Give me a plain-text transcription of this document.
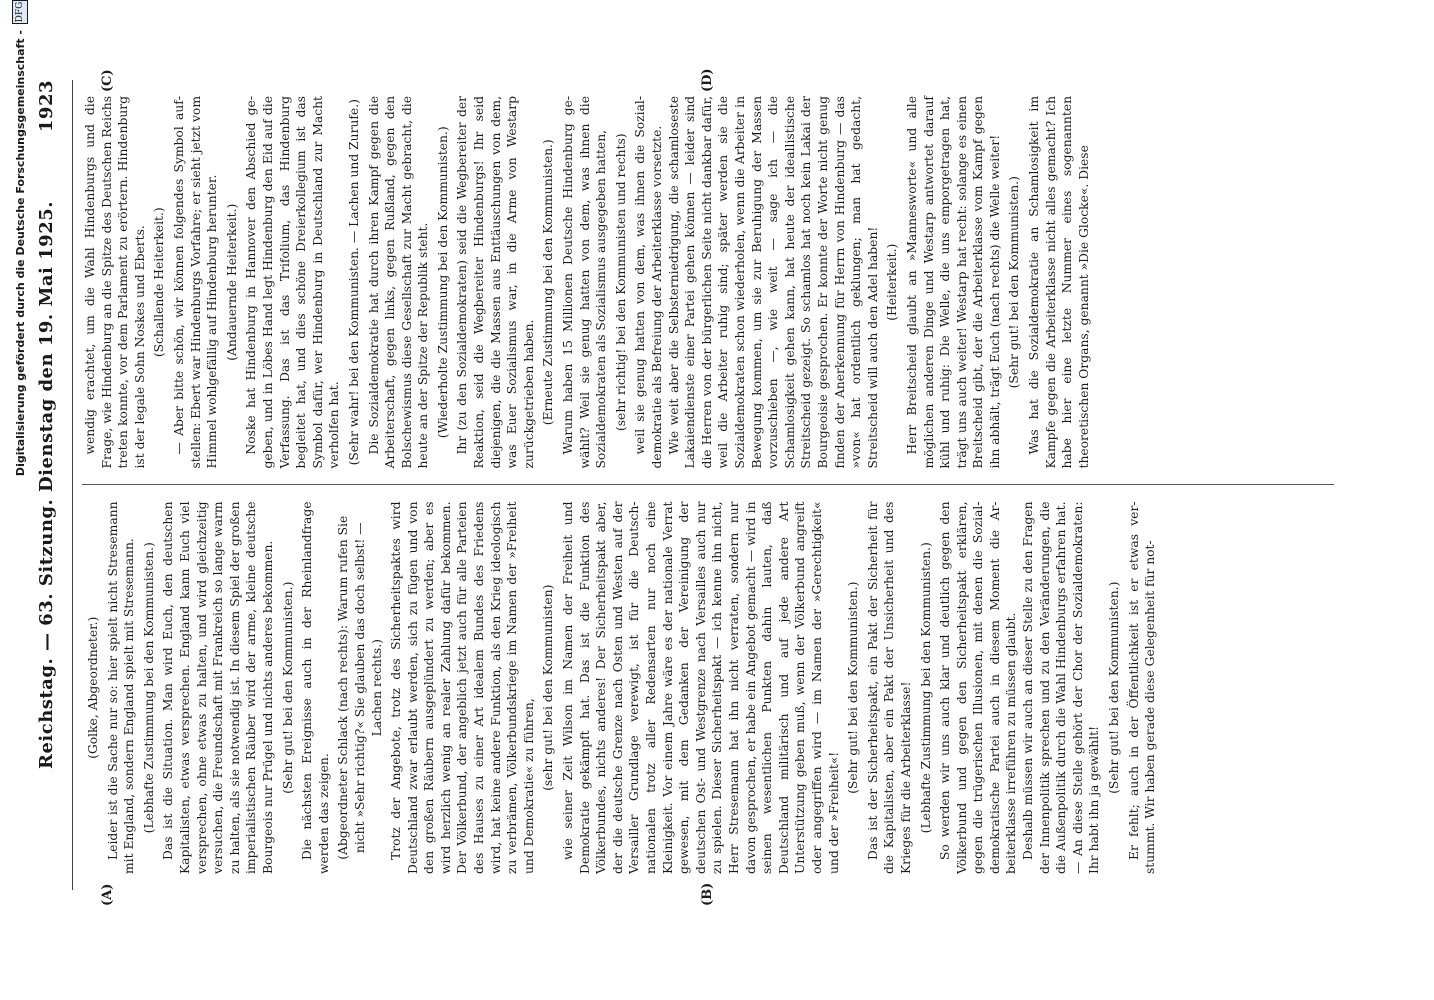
Reichstag. — 63. Sitzung. Dienstag den 19. Mai 1925.
1923
(A)	(B)
(C)	(D)

(Golke, Abgeordneter.) Leider ist die Sache nur so: hier spielt nicht Stresemann mit England, sondern England spielt mit Stresemann. (Lebhafte Zustimmung bei den Kommunisten.) Das ist die Situation. Man wird Euch, den deutschen Kapitalisten, etwas versprechen. England kann Euch viel versprechen, ohne etwas zu halten, und wird gleichzeitig versuchen, die Freundschaft mit Frankreich so lange warm zu halten, als sie notwendig ist. In diesem Spiel der großen imperialistischen Räuber wird der arme, kleine deutsche Bourgeois nur Prügel und nichts anderes bekommen. (Sehr gut! bei den Kommunisten.) Die nächsten Ereignisse auch in der Rheinlandfrage werden das zeigen. (Abgeordneter Schlack (nach rechts): Warum rufen Sie nicht »Sehr richtig?« Sie glauben das doch selbst! — Lachen rechts.) Trotz der Angebote, trotz des Sicherheitspaktes wird Deutschland zwar erlaubt werden, sich zu fügen und von den großen Räubern ausgeplündert zu werden; aber es wird herzlich wenig an realer Zahlung dafür bekommen. Der Völkerbund, der angeblich jetzt auch für alle Parteien des Hauses zu einer Art idealem Bundes des Friedens wird, hat keine andere Funktion, als den Krieg ideologisch zu verbrämen, Völkerbundskriege im Namen der »Freiheit und Demokratie« zu führen, (sehr gut! bei den Kommunisten) wie seiner Zeit Wilson im Namen der Freiheit und Demokratie gekämpft hat. Das ist die Funktion des Völkerbundes, nichts anderes! Der Sicherheitspakt aber, der die deutsche Grenze nach Osten und Westen auf der Versailler Grundlage verewigt, ist für die Deutschnationalen trotz aller Redensarten nur noch eine Kleinigkeit. Vor einem Jahre wäre es der nationale Verrat gewesen, mit dem Gedanken der Vereinigung der deutschen Ost- und Westgrenze nach Versailles auch nur zu spielen. Dieser Sicherheitspakt — ich kenne ihn nicht, Herr Stresemann hat ihn nicht verraten, sondern nur davon gesprochen, er habe ein Angebot gemacht — wird in seinen wesentlichen Punkten dahin lauten, daß Deutschland militärisch und auf jede andere Art Unterstützung geben muß, wenn der Völkerbund angreift oder angegriffen wird — im Namen der »Gerechtigkeit« und der »Freiheit«!

(Sehr gut! bei den Kommunisten.) Das ist der Sicherheitspakt, ein Pakt der Sicherheit für die Kapitalisten, aber ein Pakt der Unsicherheit und des Krieges für die Arbeiterklasse! (Lebhafte Zustimmung bei den Kommunisten.) So werden wir uns auch klar und deutlich gegen den Völkerbund und gegen den Sicherheitspakt erklären, gegen die trügerischen Illusionen, mit denen die Sozialdemokratische Partei auch in diesem Moment die Arbeiterklasse irreführen zu müssen glaubt. Deshalb müssen wir auch an dieser Stelle zu den Fragen der Innenpolitik sprechen und zu den Veränderungen, die die Außenpolitik durch die Wahl Hindenburgs erfahren hat. — An diese Stelle gehört der Chor der Sozialdemokraten: Ihr habt ihn ja gewählt!

(Sehr gut! bei den Kommunisten.) Er fehlt; auch in der Öffentlichkeit ist er etwas verstummt. Wir haben gerade diese Gelegenheit für not-

wendig erachtet, um die Wahl Hindenburgs und die Frage, wie Hindenburg an die Spitze des Deutschen Reichs treten konnte, vor dem Parlament zu erörtern. Hindenburg ist der legale Sohn Noskes und Eberts. (Schallende Heiterkeit.) — Aber bitte schön, wir können folgendes Symbol aufstellen: Ebert war Hindenburgs Vorfahre; er sieht jetzt vom Himmel wohlgefällig auf Hindenburg herunter. (Andauernde Heiterkeit.) Noske hat Hindenburg in Hannover den Abschied gegeben, und in Löbes Hand legt Hindenburg den Eid auf die Verfassung. Das ist das Trifolium, das Hindenburg begleitet hat, und dies schöne Dreierkollegium ist das Symbol dafür, wer Hindenburg in Deutschland zur Macht verholfen hat. (Sehr wahr! bei den Kommunisten. — Lachen und Zurufe.) Die Sozialdemokratie hat durch ihren Kampf gegen die Arbeiterschaft, gegen links, gegen Rußland, gegen den Bolschewismus diese Gesellschaft zur Macht gebracht, die heute an der Spitze der Republik steht. (Wiederholte Zustimmung bei den Kommunisten.) Ihr (zu den Sozialdemokraten) seid die Wegbereiter der Reaktion, seid die Wegbereiter Hindenburgs! Ihr seid diejenigen, die die Massen aus Enttäuschungen von dem, was Euer Sozialismus war, in die Arme von Westarp zurückgetrieben haben. (Erneute Zustimmung bei den Kommunisten.) Warum haben 15 Millionen Deutsche Hindenburg gewählt? Weil sie genug hatten von dem, was ihnen die Sozialdemokraten als Sozialismus ausgegeben hatten, (sehr richtig! bei den Kommunisten und rechts) weil sie genug hatten von dem, was ihnen die Sozialdemokratie als Befreiung der Arbeiterklasse vorsetzte. Wie weit aber die Selbsterniedrigung, die schamloseste Lakaiendienste einer Partei gehen können — leider sind die Herren von der bürgerlichen Seite nicht dankbar dafür, weil die Arbeiter ruhig sind; später werden sie die Sozialdemokraten schon wiederholen, wenn die Arbeiter in Bewegung kommen, um sie zur Beruhigung der Massen vorzuschieben —, wie weit — sage ich — die Schamlosigkeit gehen kann, hat heute der ideallistische Streitscheid gezeigt. So schamlos hat noch kein Lakai der Bourgeoisie gesprochen. Er konnte der Worte nicht genug finden der Anerkennung für Herrn von Hindenburg — das »von« hat ordentlich geklungen; man hat gedacht, Streitscheid will auch den Adel haben! (Heiterkeit.) Herr Breitscheid glaubt an »Mannesworte« und alle möglichen anderen Dinge und Westarp antwortet darauf kühl und ruhig: Die Welle, die uns emporgetragen hat, trägt uns auch weiter! Westarp hat recht: solange es einen Breitscheid gibt, der die Arbeiterklasse vom Kampf gegen ihn abhält, trägt Euch (nach rechts) die Welle weiter! (Sehr gut! bei den Kommunisten.) Was hat die Sozialdemokratie an Schamlosigkeit im Kampfe gegen die Arbeiterklasse nicht alles gemacht? Ich habe hier eine letzte Nummer eines sogenannten theoretischen Organs, genannt »Die Glocke«. Diese

Digitalisierung gefördert durch die Deutsche Forschungsgemeinschaft -
DFG
